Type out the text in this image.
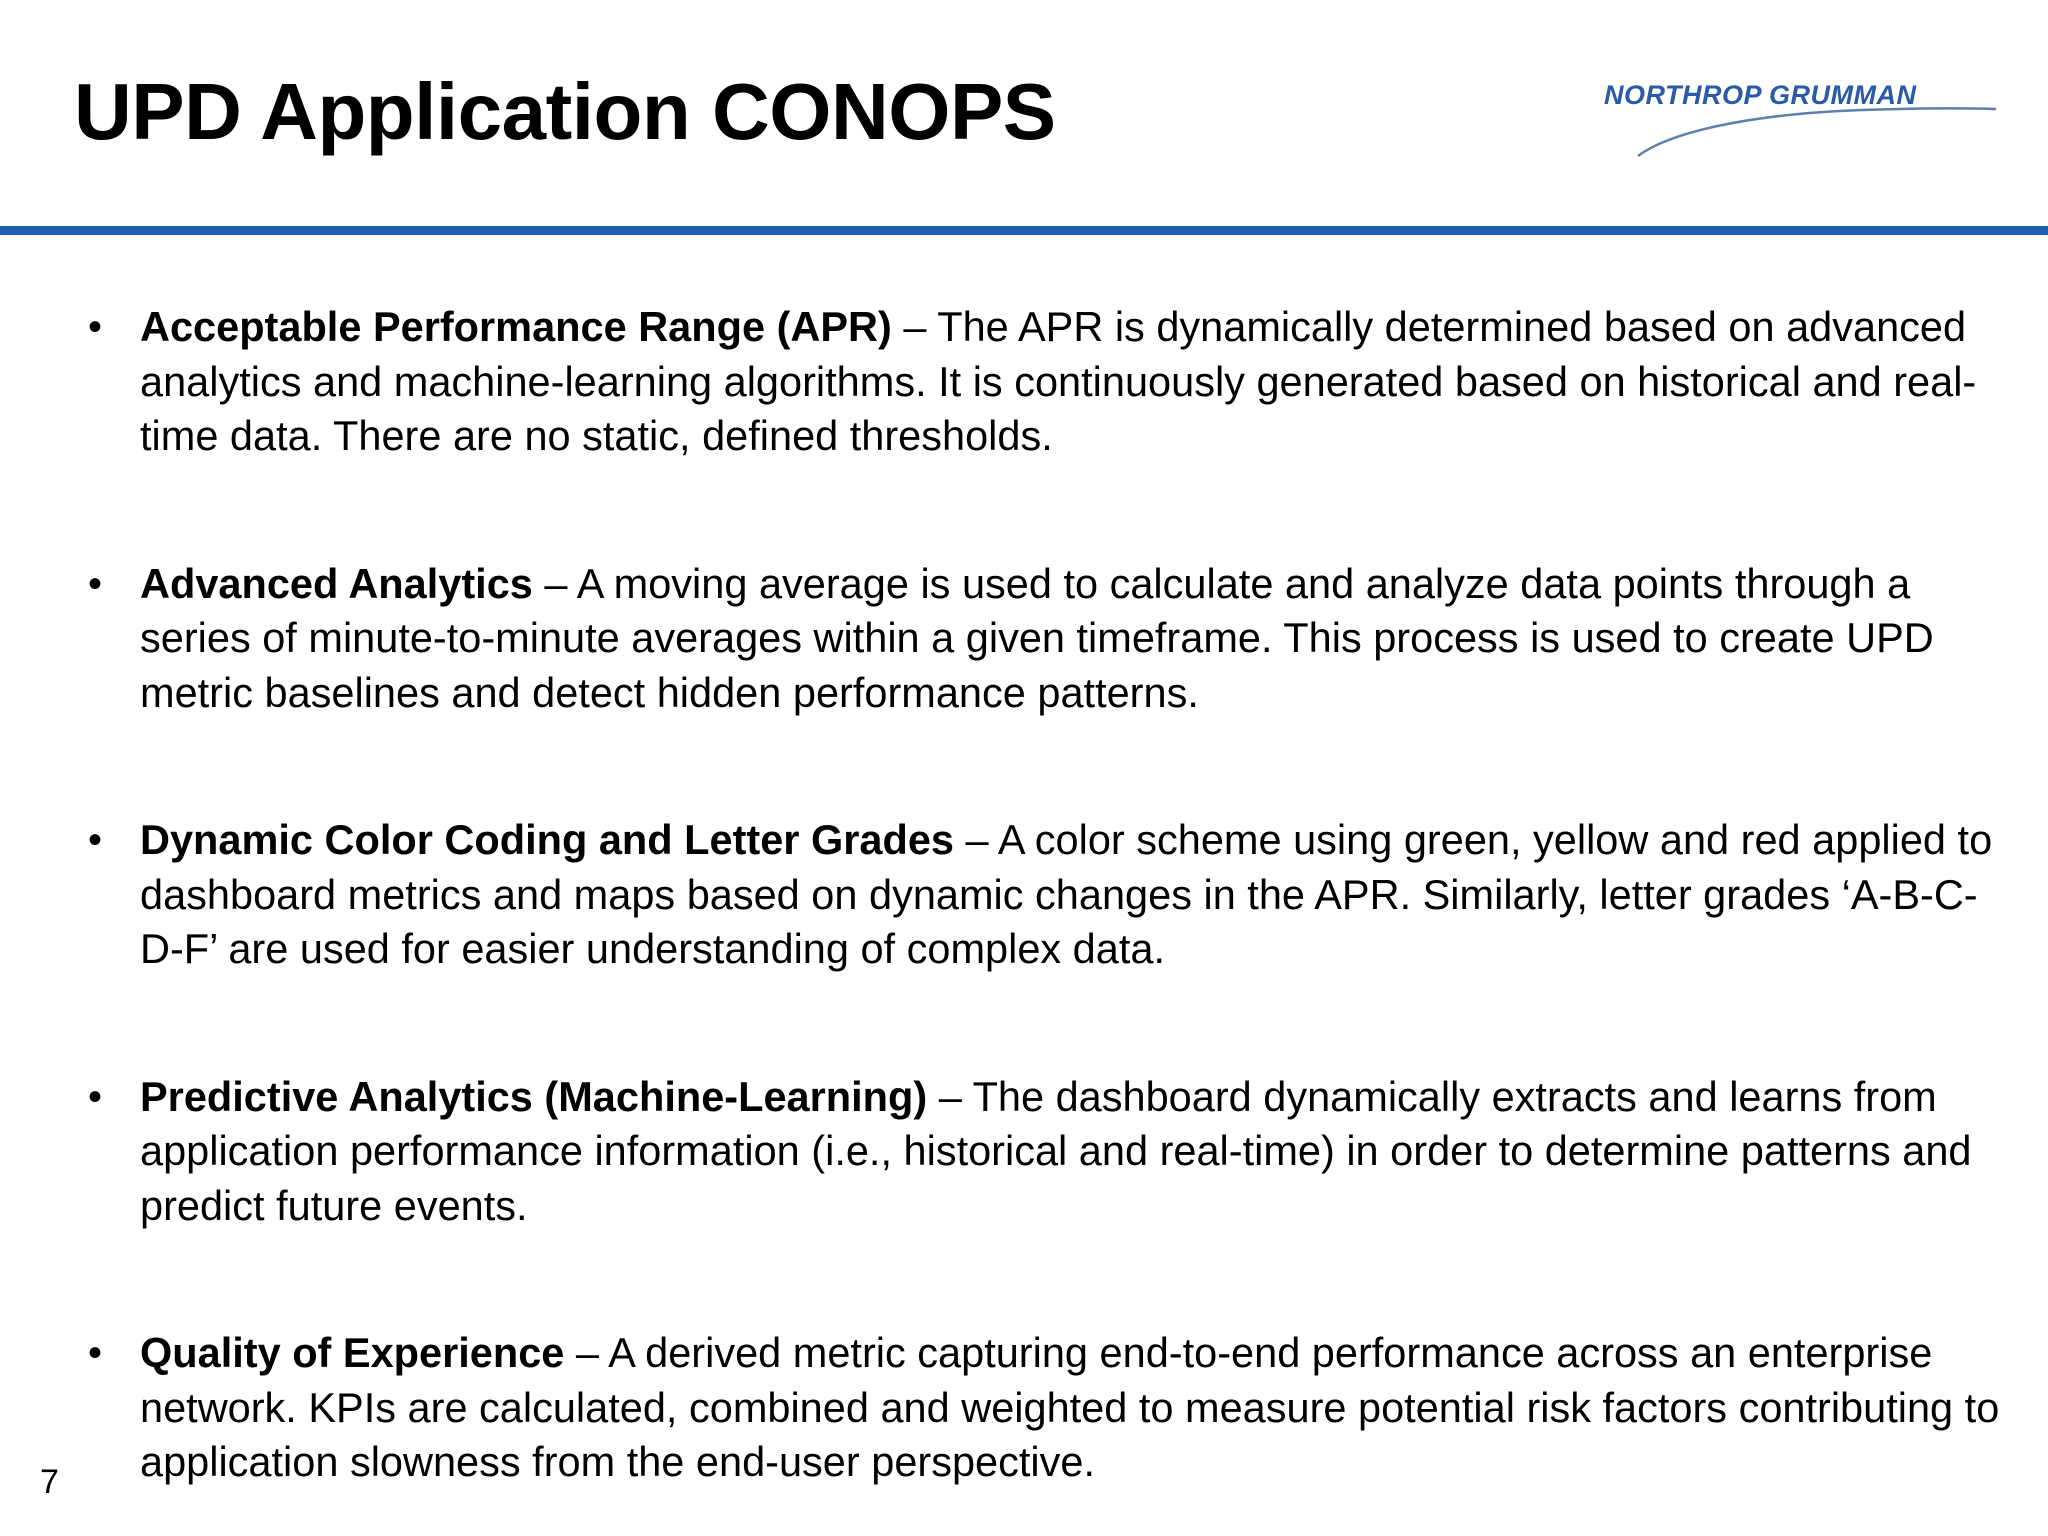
UPD Application CONOPS	NORTHROP GRUMMAN
• Acceptable Performance Range (APR) – The APR is dynamically determined based on advanced analytics and machine-learning algorithms. It is continuously generated based on historical and real-time data. There are no static, defined thresholds.
• Advanced Analytics – A moving average is used to calculate and analyze data points through a series of minute-to-minute averages within a given timeframe. This process is used to create UPD metric baselines and detect hidden performance patterns.
• Dynamic Color Coding and Letter Grades – A color scheme using green, yellow and red applied to dashboard metrics and maps based on dynamic changes in the APR. Similarly, letter grades ‘A-B-C-D-F’ are used for easier understanding of complex data.
• Predictive Analytics (Machine-Learning) – The dashboard dynamically extracts and learns from application performance information (i.e., historical and real-time) in order to determine patterns and predict future events.
• Quality of Experience – A derived metric capturing end-to-end performance across an enterprise network. KPIs are calculated, combined and weighted to measure potential risk factors contributing to application slowness from the end-user perspective.
7
